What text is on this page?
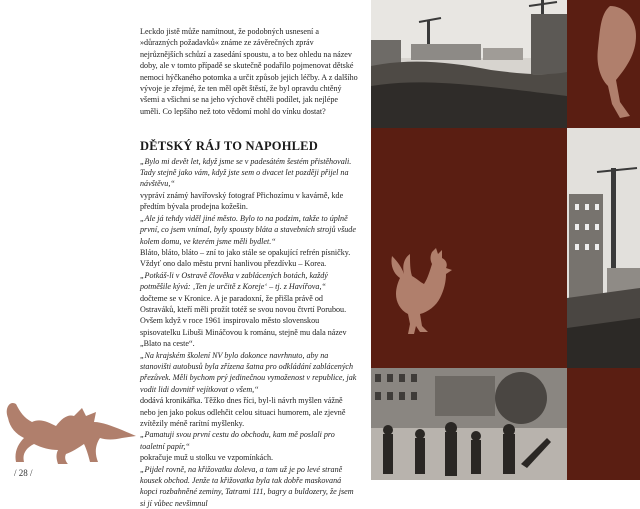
Leckdo jistě může namítnout, že podobných usnesení a »důrazných požadavků« známe ze závěrečných zpráv nejrůznějších schůzí a zasedání spoustu, a to bez ohledu na název doby, ale v tomto případě se skutečně podařilo pojmenovat dětské nemoci hýčkaného potomka a určit způsob jejich léčby. A z dalšího vývoje je zřejmé, že ten měl opět štěstí, že byl opravdu chtěný všemi a všichni se na jeho výchově chtěli podílet, jak nejlépe uměli. Co lepšího než toto vědomí mohl do vínku dostat?

DĚTSKÝ RÁJ TO NAPOHLED

„Bylo mi devět let, když jsme se v padesátém šestém přistěhovali. Tady stejně jako vám, když jste sem o dvacet let později přijel na návštěvu,“

vypráví známý havířovský fotograf Přichozímu v kavárně, kde předtím bývala prodejna kožešin.

„Ale já tehdy viděl jiné město. Bylo to na podzim, takže to úplně první, co jsem vnímal, byly spousty bláta a stavebních strojů všude kolem domu, ve kterém jsme měli bydlet.“

Bláto, bláto, bláto – zní to jako stále se opakující refrén písničky. Vždyť ono dalo městu první hanlivou přezdívku – Korea.

„Potkáš-li v Ostravě člověka v zablácených botách, každý potměšile kývá: ‚Ten je určitě z Koreje‘ – tj. z Havířova,“

dočteme se v Kronice. A je paradoxní, že přišla právě od Ostraváků, kteří měli prožít totéž se svou novou čtvrtí Porubou. Ovšem když v roce 1961 inspirovalo město slovenskou spisovatelku Libuši Mináčovou k románu, stejně mu dala název „Blato na ceste“.

„Na krajském školení NV bylo dokonce navrhnuto, aby na stanovišti autobusů byla zřízena šatna pro odkládání zablácených přezůvek. Měli bychom prý jedinečnou vymoženost v republice, jak vodit lidi dovnitř vejítkovat o všem,“

dodává kronikářka. Těžko dnes říci, byl-li návrh myšlen vážně nebo jen jako pokus odlehčit celou situaci humorem, ale zjevně zvítězily méně rarítní myšlenky.

„Pamatuji svou první cestu do obchodu, kam mě poslali pro toaletní papír,“

pokračuje muž u stolku ve vzpomínkách.

„Pijdel rovně, na křižovatku doleva, a tam už je po levé straně kousek obchod. Jenže ta křižovatka byla tak dobře maskovaná kopci rozbahněné zeminy, Tatrami 111, bagry a buldozery, že jsem si jí vůbec nevšimnul

/ 28 /
